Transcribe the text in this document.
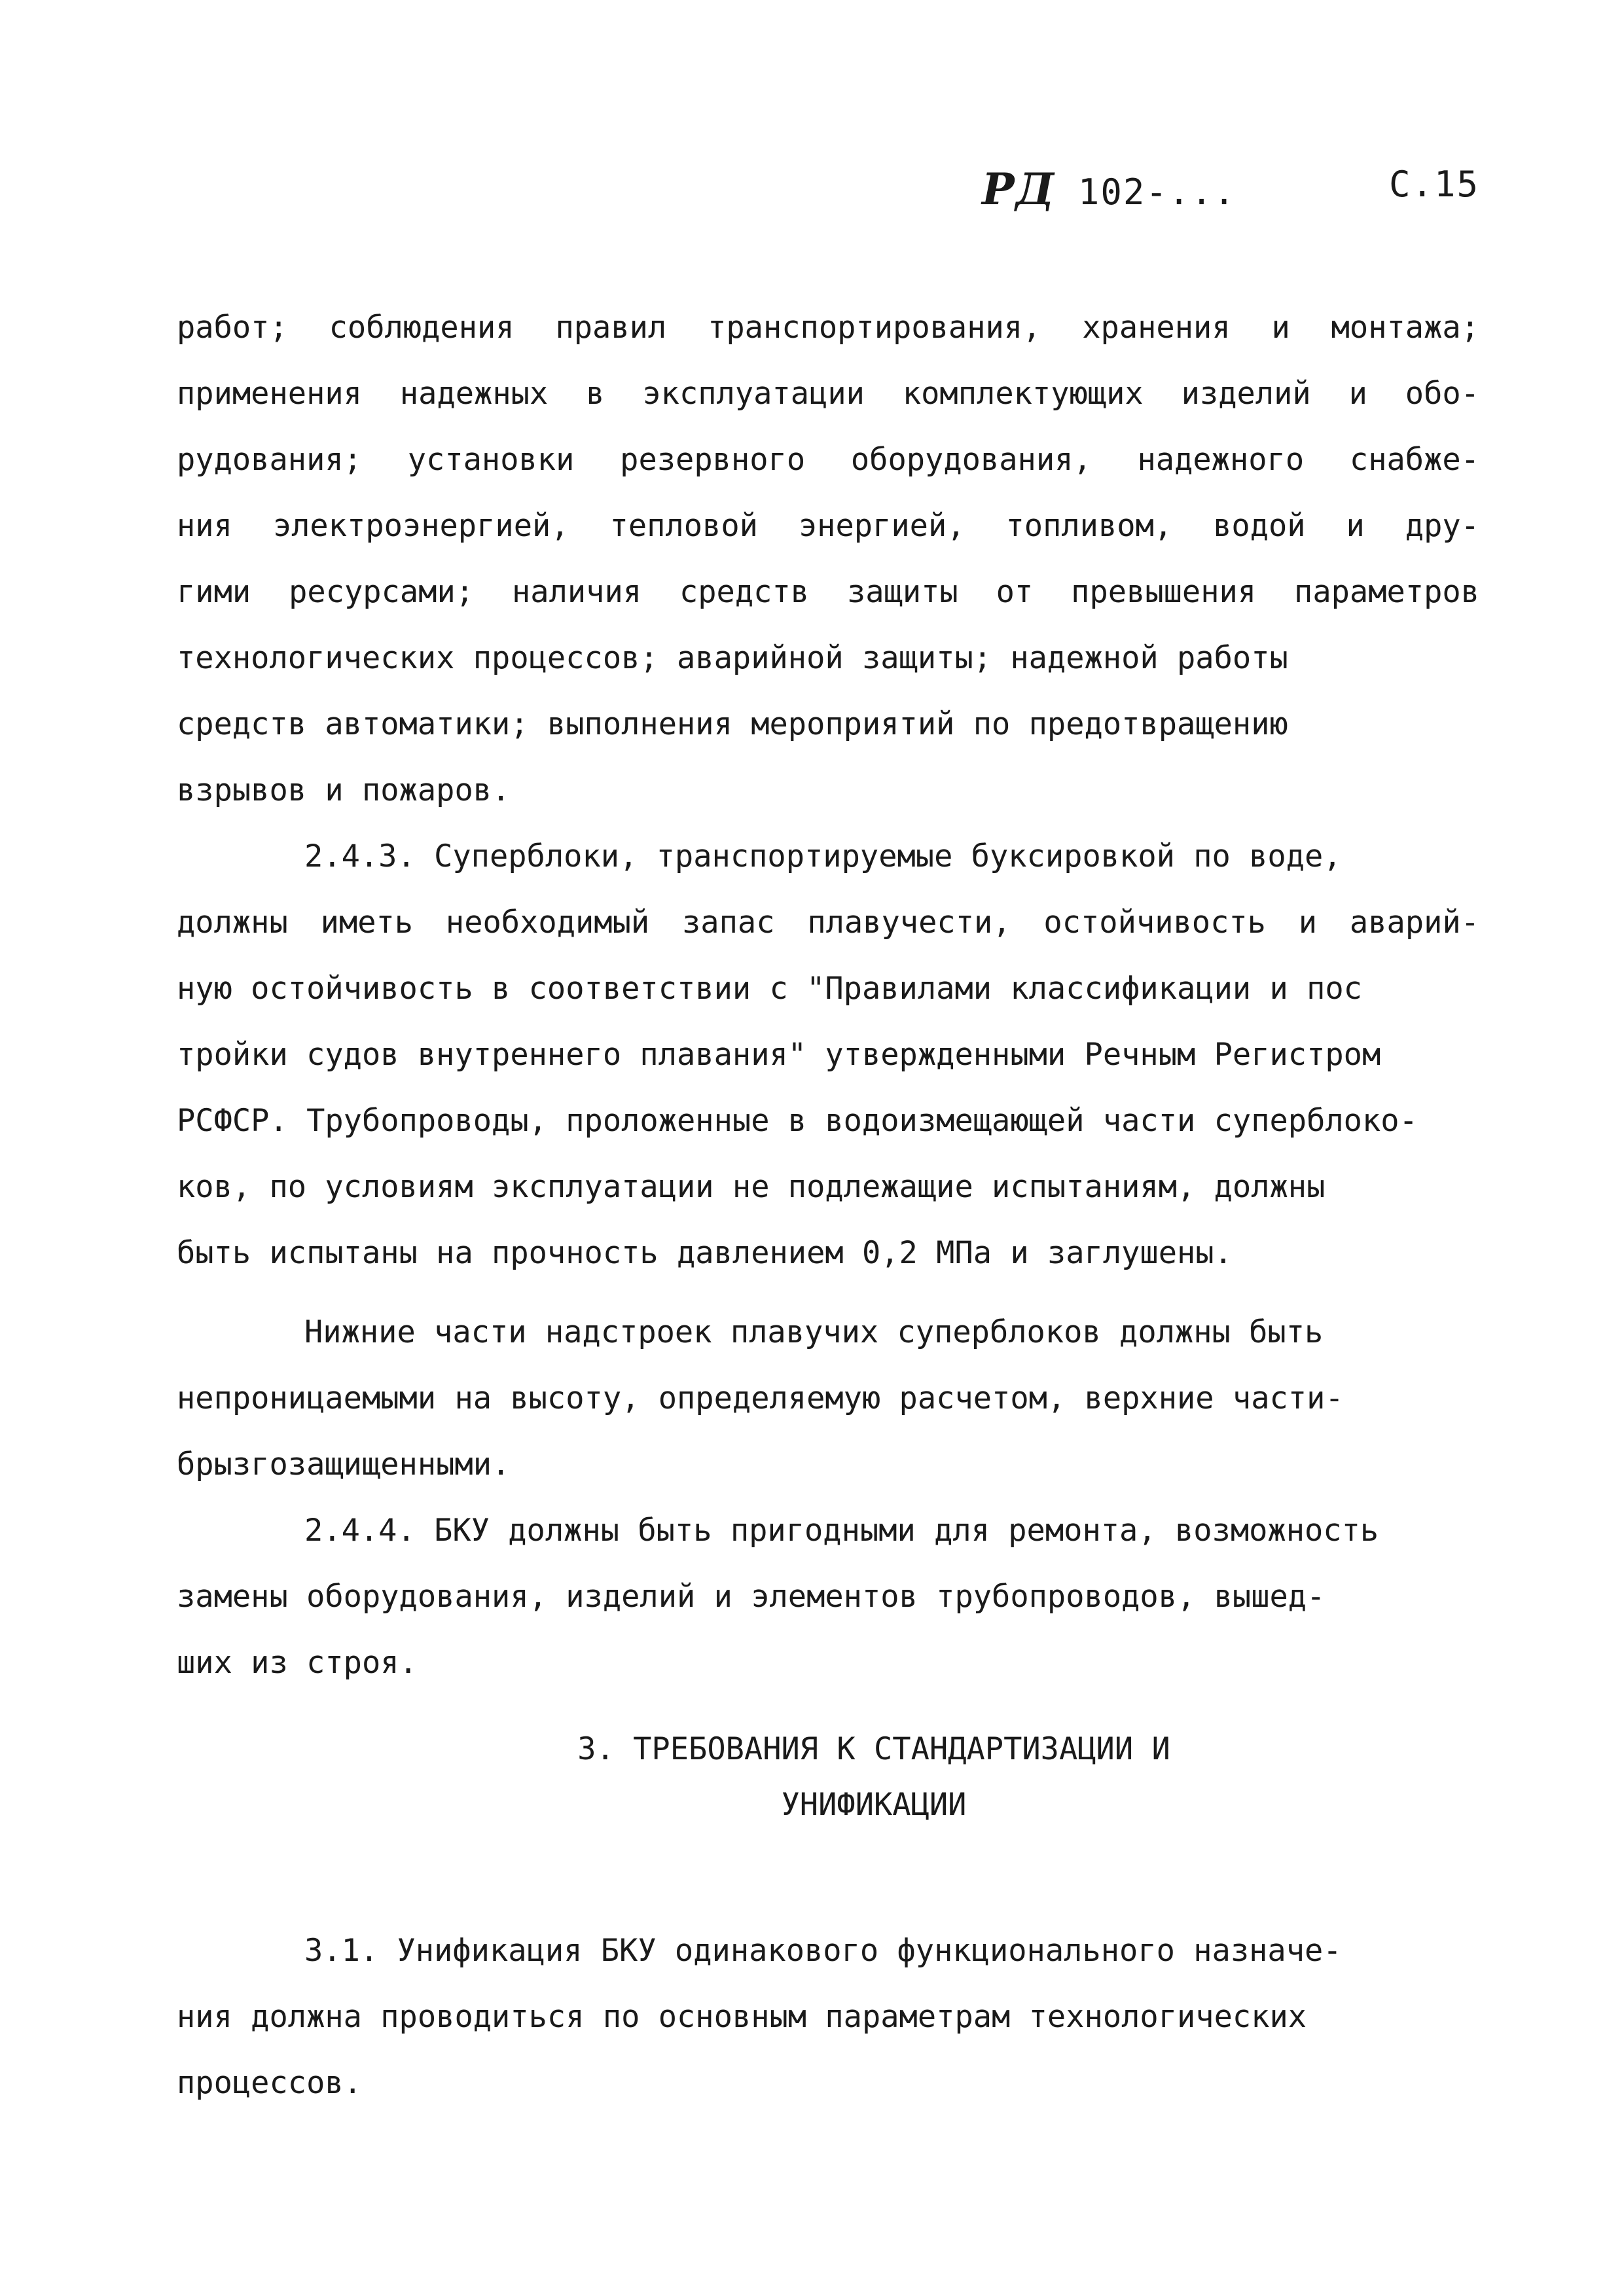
РД 102-...	С.15
работ; соблюдения правил транспортирования, хранения и монтажа;
применения надежных в эксплуатации комплектующих изделий и обо-
рудования; установки резервного оборудования, надежного снабже-
ния электроэнергией, тепловой энергией, топливом, водой и дру-
гими ресурсами; наличия средств защиты от превышения параметров
технологических процессов; аварийной защиты; надежной работы
средств автоматики; выполнения мероприятий по предотвращению
взрывов и пожаров.
2.4.3. Суперблоки, транспортируемые буксировкой по воде,
должны иметь необходимый запас плавучести, остойчивость и аварий-
ную остойчивость в соответствии с "Правилами классификации и пос
тройки судов внутреннего плавания" утвержденными Речным Регистром
РСФСР. Трубопроводы, проложенные в водоизмещающей части суперблоко-
ков, по условиям эксплуатации не подлежащие испытаниям, должны
быть испытаны на прочность давлением 0,2 МПа и заглушены.
Нижние части надстроек плавучих суперблоков должны быть
непроницаемыми на высоту, определяемую расчетом, верхние части-
брызгозащищенными.
2.4.4. БКУ должны быть пригодными для ремонта, возможность
замены оборудования, изделий и элементов трубопроводов, вышед-
ших из строя.
3. ТРЕБОВАНИЯ К СТАНДАРТИЗАЦИИ И
УНИФИКАЦИИ
3.1. Унификация БКУ одинакового функционального назначе-
ния должна проводиться по основным параметрам технологических
процессов.
